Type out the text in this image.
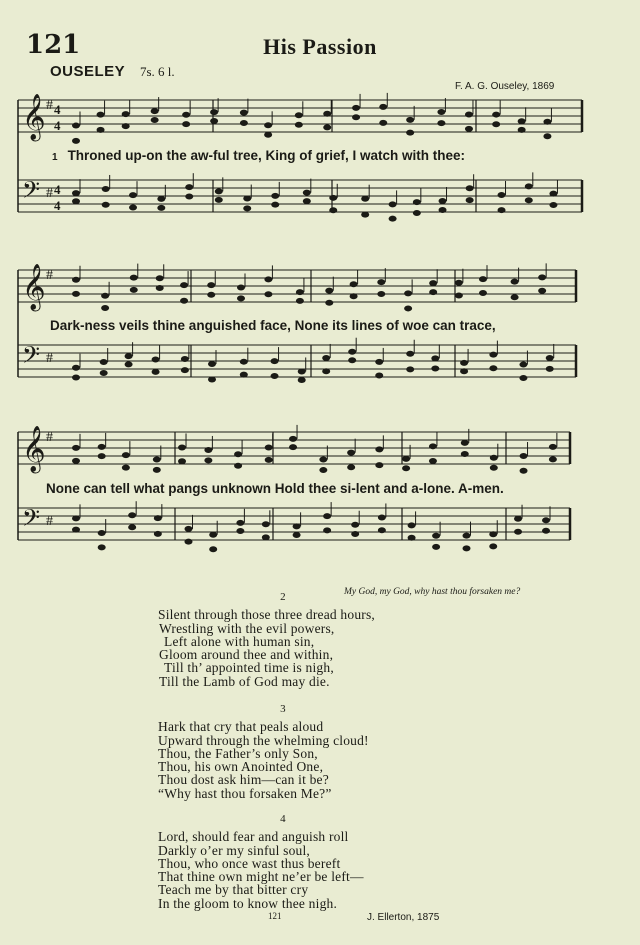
121	His Passion
OUSELEY 7s. 6 l.
F. A. G. Ouseley, 1869
𝄞
𝄢
#
#
4
4
4
4
𝄞
𝄢
#
#
𝄞
𝄢
#
#
1 Throned up-on the aw-ful tree, King of grief, I watch with thee:
Dark-ness veils thine anguished face, None its lines of woe can trace,
None can tell what pangs unknown Hold thee si-lent and a-lone. A-men.
My God, my God, why hast thou forsaken me?
2
Silent through those three dread hours,
Wrestling with the evil powers,
Left alone with human sin,
Gloom around thee and within,
Till th’ appointed time is nigh,
Till the Lamb of God may die.
3
Hark that cry that peals aloud
Upward through the whelming cloud!
Thou, the Father’s only Son,
Thou, his own Anointed One,
Thou dost ask him—can it be?
“Why hast thou forsaken Me?”
4
Lord, should fear and anguish roll
Darkly o’er my sinful soul,
Thou, who once wast thus bereft
That thine own might ne’er be left—
Teach me by that bitter cry
In the gloom to know thee nigh.
121	J. Ellerton, 1875
